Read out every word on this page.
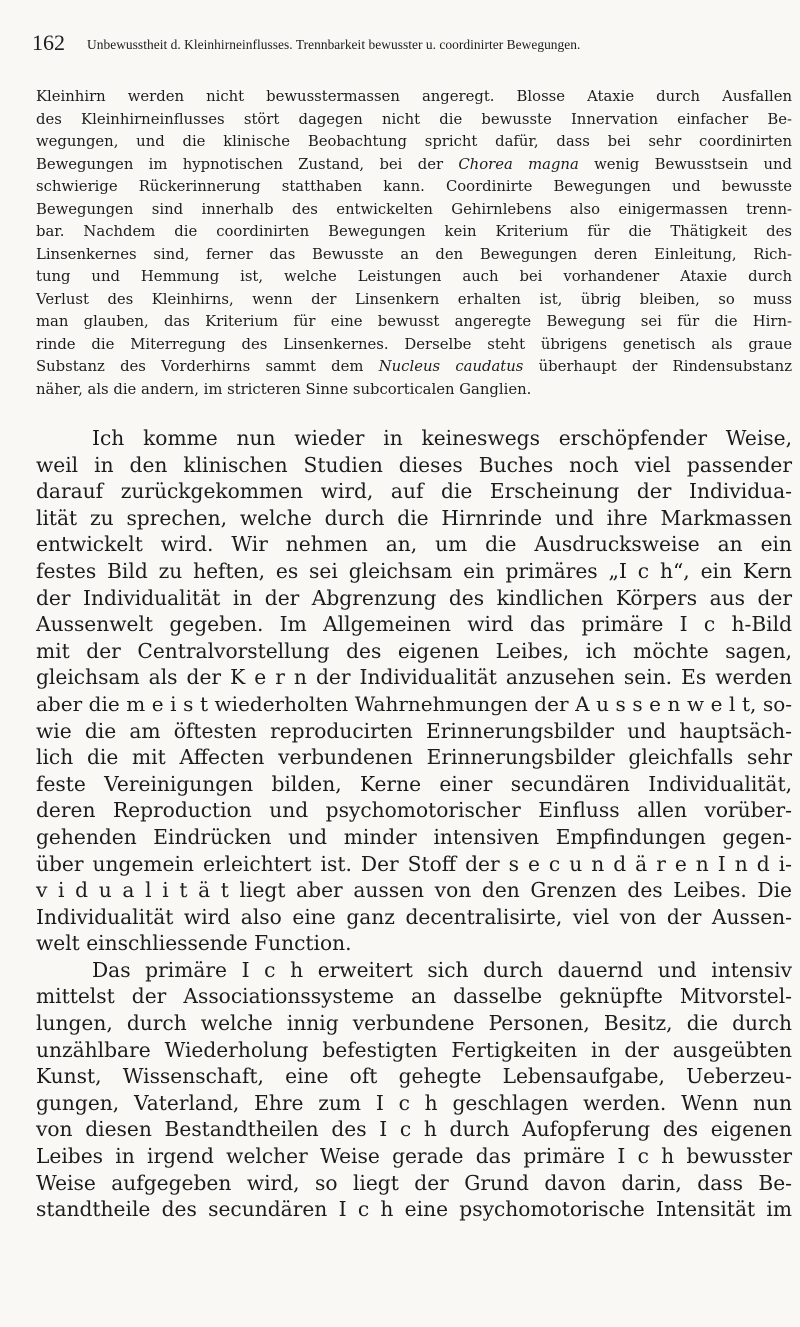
162 Unbewusstheit d. Kleinhirneinflusses. Trennbarkeit bewusster u. coordinirter Bewegungen.
Kleinhirn werden nicht bewusstermassen angeregt. Blosse Ataxie durch Ausfallen
des Kleinhirneinflusses stört dagegen nicht die bewusste Innervation einfacher Be-
wegungen, und die klinische Beobachtung spricht dafür, dass bei sehr coordinirten
Bewegungen im hypnotischen Zustand, bei der Chorea magna wenig Bewusstsein und
schwierige Rückerinnerung statthaben kann. Coordinirte Bewegungen und bewusste
Bewegungen sind innerhalb des entwickelten Gehirnlebens also einigermassen trenn-
bar. Nachdem die coordinirten Bewegungen kein Kriterium für die Thätigkeit des
Linsenkernes sind, ferner das Bewusste an den Bewegungen deren Einleitung, Rich-
tung und Hemmung ist, welche Leistungen auch bei vorhandener Ataxie durch
Verlust des Kleinhirns, wenn der Linsenkern erhalten ist, übrig bleiben, so muss
man glauben, das Kriterium für eine bewusst angeregte Bewegung sei für die Hirn-
rinde die Miterregung des Linsenkernes. Derselbe steht übrigens genetisch als graue
Substanz des Vorderhirns sammt dem Nucleus caudatus überhaupt der Rindensubstanz
näher, als die andern, im stricteren Sinne subcorticalen Ganglien.
Ich komme nun wieder in keineswegs erschöpfender Weise,
weil in den klinischen Studien dieses Buches noch viel passender
darauf zurückgekommen wird, auf die Erscheinung der Individua-
lität zu sprechen, welche durch die Hirnrinde und ihre Markmassen
entwickelt wird. Wir nehmen an, um die Ausdrucksweise an ein
festes Bild zu heften, es sei gleichsam ein primäres „I c h“, ein Kern
der Individualität in der Abgrenzung des kindlichen Körpers aus der
Aussenwelt gegeben. Im Allgemeinen wird das primäre I c h-Bild
mit der Centralvorstellung des eigenen Leibes, ich möchte sagen,
gleichsam als der K e r n der Individualität anzusehen sein. Es werden
aber die m e i s t wiederholten Wahrnehmungen der A u s s e n w e l t, so-
wie die am öftesten reproducirten Erinnerungsbilder und hauptsäch-
lich die mit Affecten verbundenen Erinnerungsbilder gleichfalls sehr
feste Vereinigungen bilden, Kerne einer secundären Individualität,
deren Reproduction und psychomotorischer Einfluss allen vorüber-
gehenden Eindrücken und minder intensiven Empfindungen gegen-
über ungemein erleichtert ist. Der Stoff der s e c u n d ä r e n I n d i-
v i d u a l i t ä t liegt aber aussen von den Grenzen des Leibes. Die
Individualität wird also eine ganz decentralisirte, viel von der Aussen-
welt einschliessende Function.
Das primäre I c h erweitert sich durch dauernd und intensiv
mittelst der Associationssysteme an dasselbe geknüpfte Mitvorstel-
lungen, durch welche innig verbundene Personen, Besitz, die durch
unzählbare Wiederholung befestigten Fertigkeiten in der ausgeübten
Kunst, Wissenschaft, eine oft gehegte Lebensaufgabe, Ueberzeu-
gungen, Vaterland, Ehre zum I c h geschlagen werden. Wenn nun
von diesen Bestandtheilen des I c h durch Aufopferung des eigenen
Leibes in irgend welcher Weise gerade das primäre I c h bewusster
Weise aufgegeben wird, so liegt der Grund davon darin, dass Be-
standtheile des secundären I c h eine psychomotorische Intensität im
